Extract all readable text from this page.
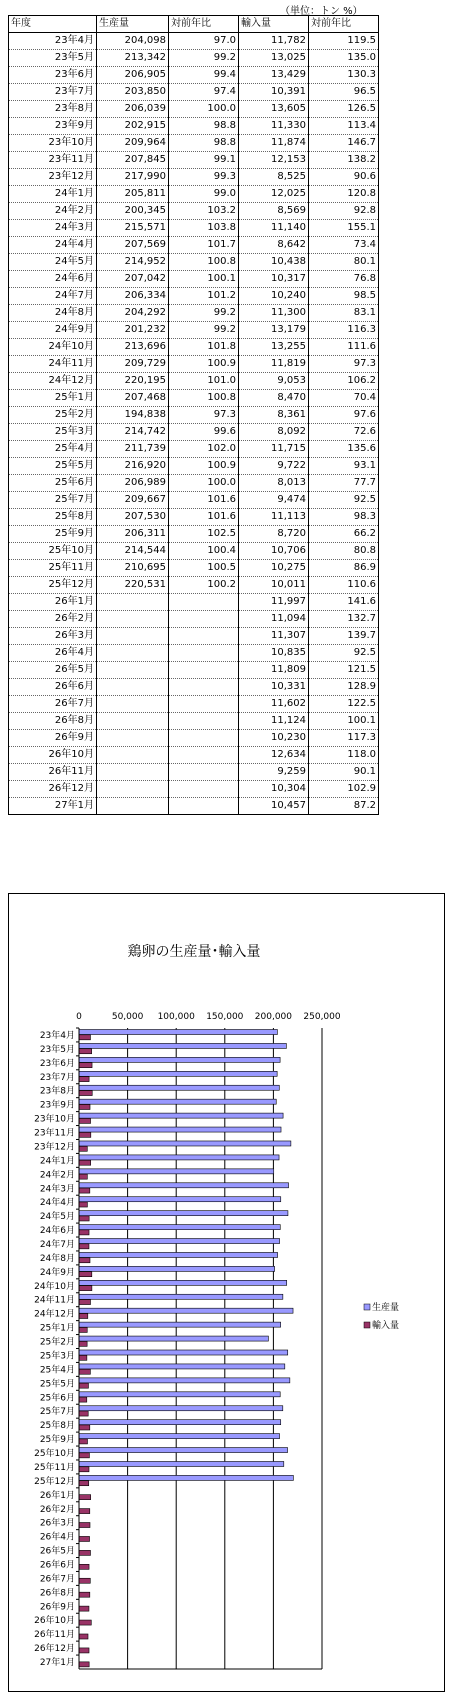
（単位：トン %）
年度	生産量	対前年比	輸入量	対前年比
23年4月	204,098	97.0	11,782	119.5
23年5月	213,342	99.2	13,025	135.0
23年6月	206,905	99.4	13,429	130.3
23年7月	203,850	97.4	10,391	96.5
23年8月	206,039	100.0	13,605	126.5
23年9月	202,915	98.8	11,330	113.4
23年10月	209,964	98.8	11,874	146.7
23年11月	207,845	99.1	12,153	138.2
23年12月	217,990	99.3	8,525	90.6
24年1月	205,811	99.0	12,025	120.8
24年2月	200,345	103.2	8,569	92.8
24年3月	215,571	103.8	11,140	155.1
24年4月	207,569	101.7	8,642	73.4
24年5月	214,952	100.8	10,438	80.1
24年6月	207,042	100.1	10,317	76.8
24年7月	206,334	101.2	10,240	98.5
24年8月	204,292	99.2	11,300	83.1
24年9月	201,232	99.2	13,179	116.3
24年10月	213,696	101.8	13,255	111.6
24年11月	209,729	100.9	11,819	97.3
24年12月	220,195	101.0	9,053	106.2
25年1月	207,468	100.8	8,470	70.4
25年2月	194,838	97.3	8,361	97.6
25年3月	214,742	99.6	8,092	72.6
25年4月	211,739	102.0	11,715	135.6
25年5月	216,920	100.9	9,722	93.1
25年6月	206,989	100.0	8,013	77.7
25年7月	209,667	101.6	9,474	92.5
25年8月	207,530	101.6	11,113	98.3
25年9月	206,311	102.5	8,720	66.2
25年10月	214,544	100.4	10,706	80.8
25年11月	210,695	100.5	10,275	86.9
25年12月	220,531	100.2	10,011	110.6
26年1月			11,997	141.6
26年2月			11,094	132.7
26年3月			11,307	139.7
26年4月			10,835	92.5
26年5月			11,809	121.5
26年6月			10,331	128.9
26年7月			11,602	122.5
26年8月			11,124	100.1
26年9月			10,230	117.3
26年10月			12,634	118.0
26年11月			9,259	90.1
26年12月			10,304	102.9
27年1月			10,457	87.2
鶏卵の生産量･輸入量
0	50,000 100,000 150,000 200,000 250,000
23年4月
23年5月
23年6月
23年7月
23年8月
23年9月
23年10月
23年11月
23年12月
24年1月
24年2月
24年3月
24年4月
24年5月
24年6月
24年7月
24年8月
24年9月
24年10月
24年11月
24年12月
25年1月
25年2月
25年3月
25年4月
25年5月
25年6月
25年7月
25年8月
25年9月
25年10月
25年11月
25年12月
26年1月
26年2月
26年3月
26年4月
26年5月
26年6月
26年7月
26年8月
26年9月
26年10月
26年11月
26年12月
27年1月
生産量
輸入量
